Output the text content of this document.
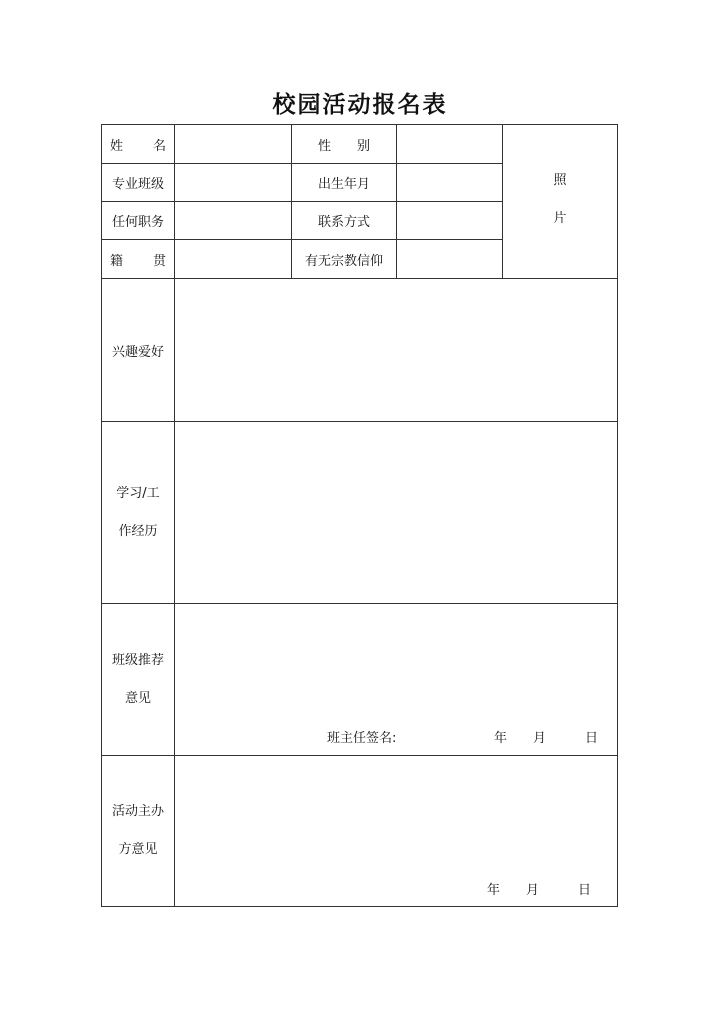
校园活动报名表
姓 名	性　　别
专业班级	出生年月
任何职务	联系方式
籍 贯	有无宗教信仰
照
片
兴趣爱好
学习/工
作经历
班级推荐
意见
班主任签名:	年　　月　　　日
活动主办
方意见
年　　月　　　日
